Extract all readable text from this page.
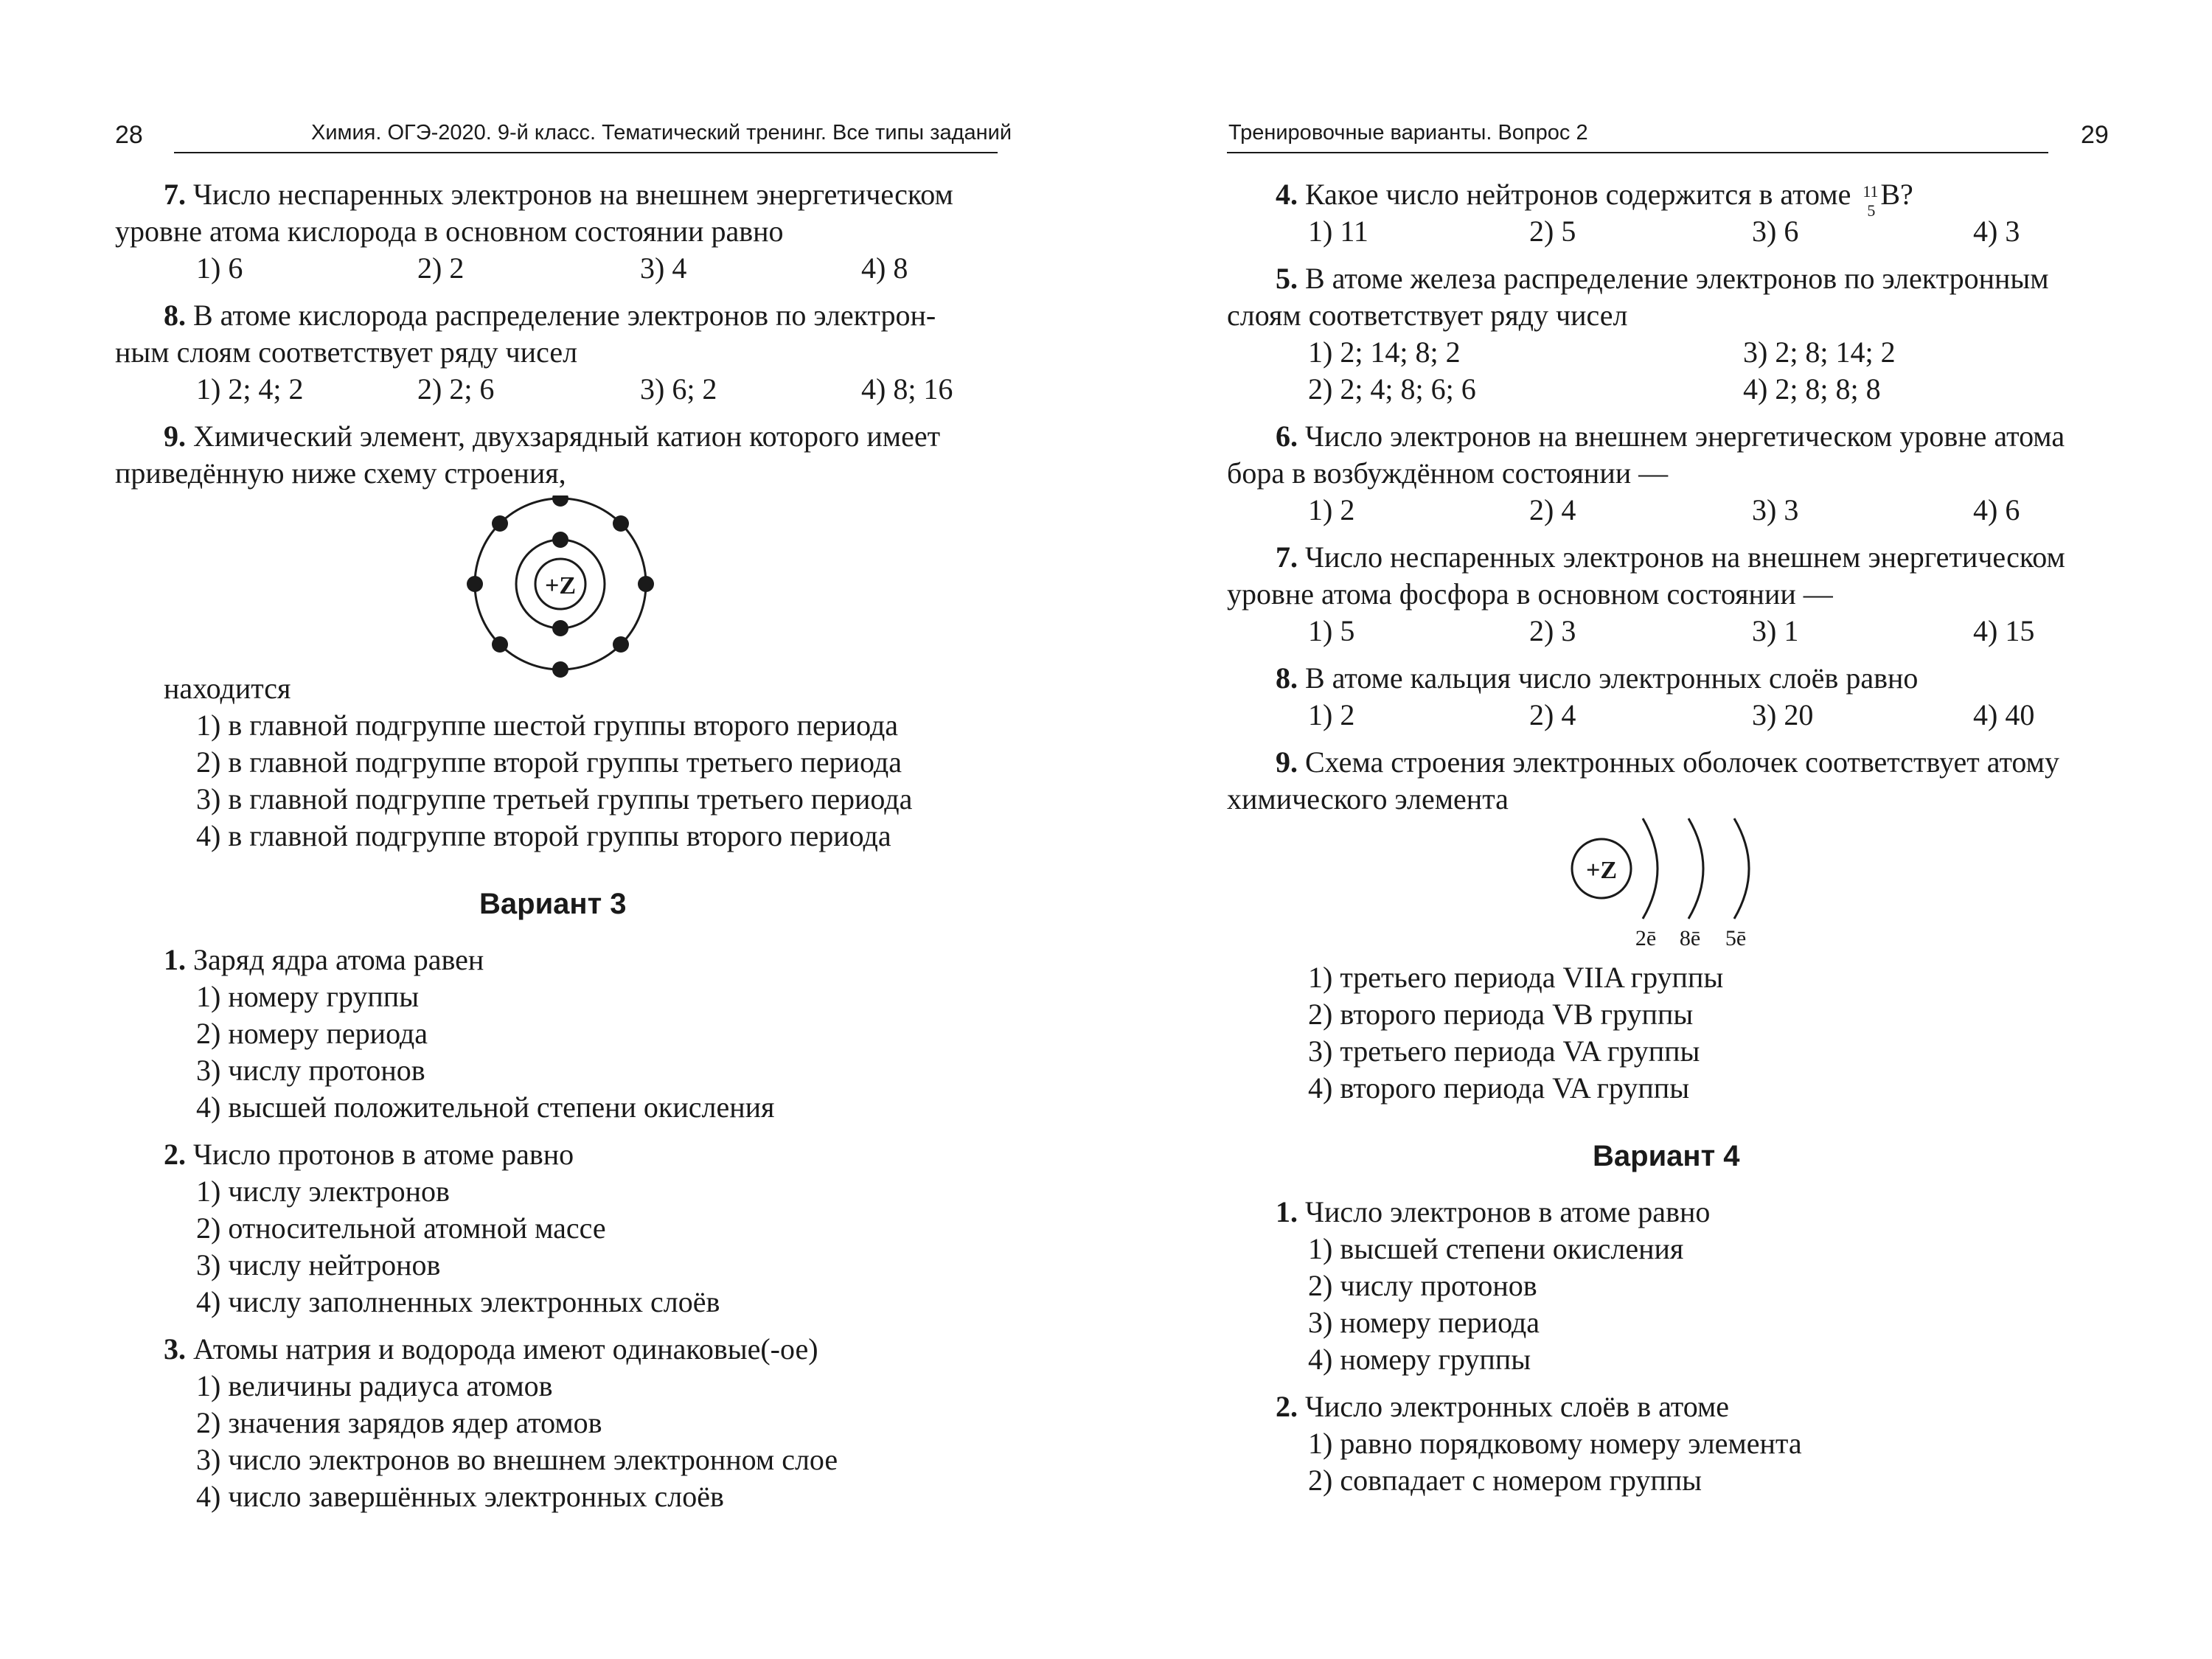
28	Химия. ОГЭ-2020. 9-й класс. Тематический тренинг. Все типы заданий
7. Число неспаренных электронов на внешнем энергетическом
уровне атома кислорода в основном состоянии равно
1) 6	2) 2	3) 4	4) 8
8. В атоме кислорода распределение электронов по электрон-
ным слоям соответствует ряду чисел
1) 2; 4; 2	2) 2; 6	3) 6; 2	4) 8; 16
9. Химический элемент, двухзарядный катион которого имеет
приведённую ниже схему строения,
+Z
находится
1) в главной подгруппе шестой группы второго периода
2) в главной подгруппе второй группы третьего периода
3) в главной подгруппе третьей группы третьего периода
4) в главной подгруппе второй группы второго периода
Вариант 3
1. Заряд ядра атома равен
1) номеру группы
2) номеру периода
3) числу протонов
4) высшей положительной степени окисления
2. Число протонов в атоме равно
1) числу электронов
2) относительной атомной массе
3) числу нейтронов
4) числу заполненных электронных слоёв
3. Атомы натрия и водорода имеют одинаковые(-ое)
1) величины радиуса атомов
2) значения зарядов ядер атомов
3) число электронов во внешнем электронном слое
4) число завершённых электронных слоёв
Тренировочные варианты. Вопрос 2	29
4. Какое число нейтронов содержится в атоме 11
5 B?
1) 11	2) 5	3) 6	4) 3
5. В атоме железа распределение электронов по электронным
слоям соответствует ряду чисел
1) 2; 14; 8; 2	3) 2; 8; 14; 2
2) 2; 4; 8; 6; 6	4) 2; 8; 8; 8
6. Число электронов на внешнем энергетическом уровне атома
бора в возбуждённом состоянии —
1) 2	2) 4	3) 3	4) 6
7. Число неспаренных электронов на внешнем энергетическом
уровне атома фосфора в основном состоянии —
1) 5	2) 3	3) 1	4) 15
8. В атоме кальция число электронных слоёв равно
1) 2	2) 4	3) 20	4) 40
9. Схема строения электронных оболочек соответствует атому
химического элемента
+Z
2ē 8ē 5ē
1) третьего периода VIIA группы
2) второго периода VB группы
3) третьего периода VA группы
4) второго периода VA группы
Вариант 4
1. Число электронов в атоме равно
1) высшей степени окисления
2) числу протонов
3) номеру периода
4) номеру группы
2. Число электронных слоёв в атоме
1) равно порядковому номеру элемента
2) совпадает с номером группы
